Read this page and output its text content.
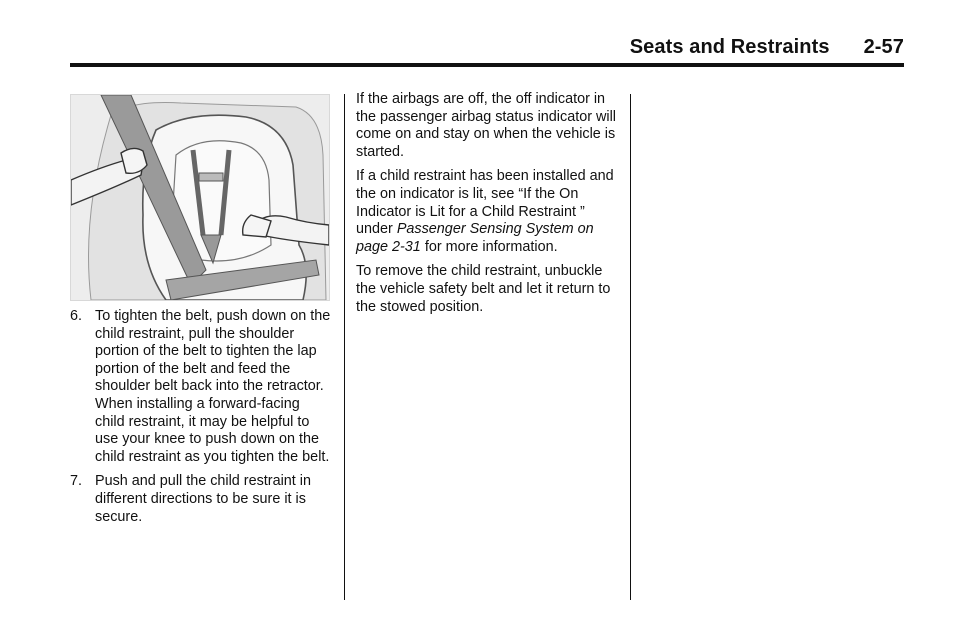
Seats and Restraints 2-57
6. To tighten the belt, push down on the child restraint, pull the shoulder portion of the belt to tighten the lap portion of the belt and feed the shoulder belt back into the retractor. When installing a forward-facing child restraint, it may be helpful to use your knee to push down on the child restraint as you tighten the belt.
7. Push and pull the child restraint in different directions to be sure it is secure.

If the airbags are off, the off indicator in the passenger airbag status indicator will come on and stay on when the vehicle is started.

If a child restraint has been installed and the on indicator is lit, see “If the On Indicator is Lit for a Child Restraint ” under Passenger Sensing System on page 2-31 for more information.

To remove the child restraint, unbuckle the vehicle safety belt and let it return to the stowed position.
